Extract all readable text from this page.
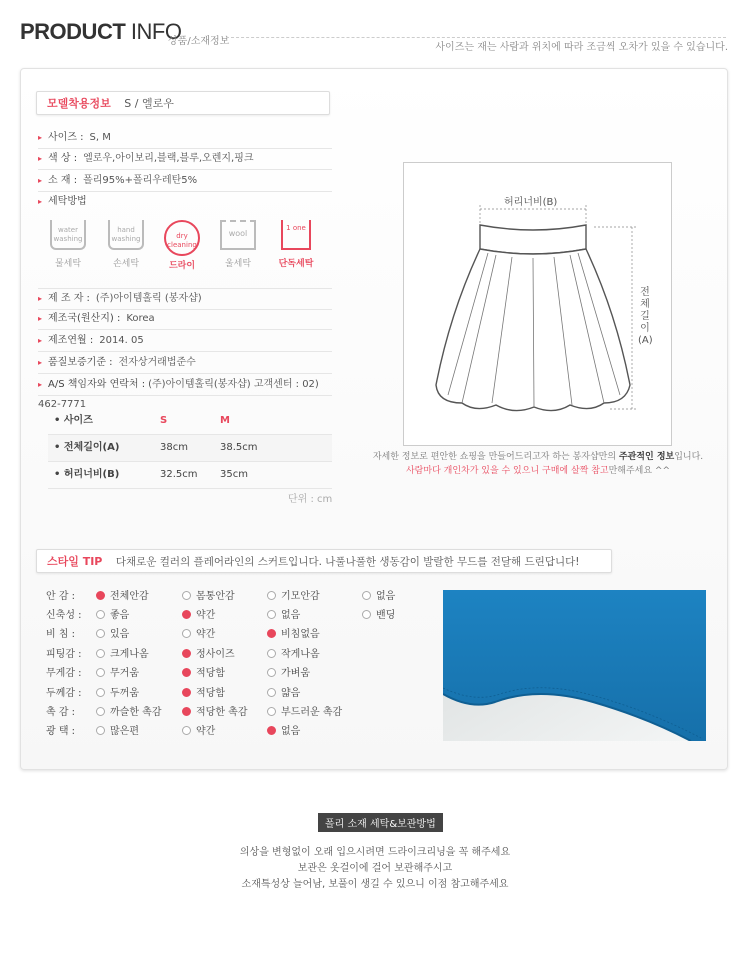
PRODUCT INFO
상품/소재정보
사이즈는 재는 사람과 위치에 따라 조금씩 오차가 있을 수 있습니다.
모델착용정보 S / 엘로우
▸ 사이즈 : S, M
▸ 색 상 : 엘로우,아이보리,블랙,블루,오렌지,핑크
▸ 소 재 : 폴리95%+폴리우레탄5%
▸ 세탁방법
water washing
물세탁
hand washing
손세탁
dry cleaning
드라이
wool
울세탁
1 one
단독세탁
▸ 제 조 자 : (주)아이템홀릭 (봉자샵)
▸ 제조국(원산지) : Korea
▸ 제조연월 : 2014. 05
▸ 품질보증기준 : 전자상거래법준수
▸ A/S 책임자와 연락처 : (주)아이템홀릭(봉자샵) 고객센터 : 02) 462-7771
• 사이즈	S	M
• 전체길이(A)	38cm	38.5cm
• 허리너비(B)	32.5cm 35cm
단위 : cm
허리너비(B)
전
체
길
이
(A)
자세한 정보로 편안한 쇼핑을 만들어드리고자 하는 봉자샵만의 주관적인 정보입니다.
사람마다 개인차가 있을 수 있으니 구매에 살짝 참고만해주세요 ^^
스타일 TIP 다채로운 컬러의 플레어라인의 스커트입니다. 나풀나풀한 생동감이 발랄한 무드를 전달해 드린답니다!
안 감 :	전체안감	몸통안감	기모안감	없음
신축성 :	좋음	약간	없음	밴딩
비 침 :	있음	약간	비침없음
피팅감 :	크게나옴	정사이즈	작게나옴
무게감 :	무거움	적당함	가벼움
두께감 :	두꺼움	적당함	얇음
촉 감 :	까슬한 촉감	적당한 촉감	부드러운 촉감
광 택 :	많은편	약간	없음
폴리 소재 세탁&보관방법
의상을 변형없이 오래 입으시려면 드라이크리닝을 꼭 해주세요
보관은 옷걸이에 걸어 보관해주시고
소재특성상 늘어남, 보풀이 생길 수 있으니 이점 참고해주세요
